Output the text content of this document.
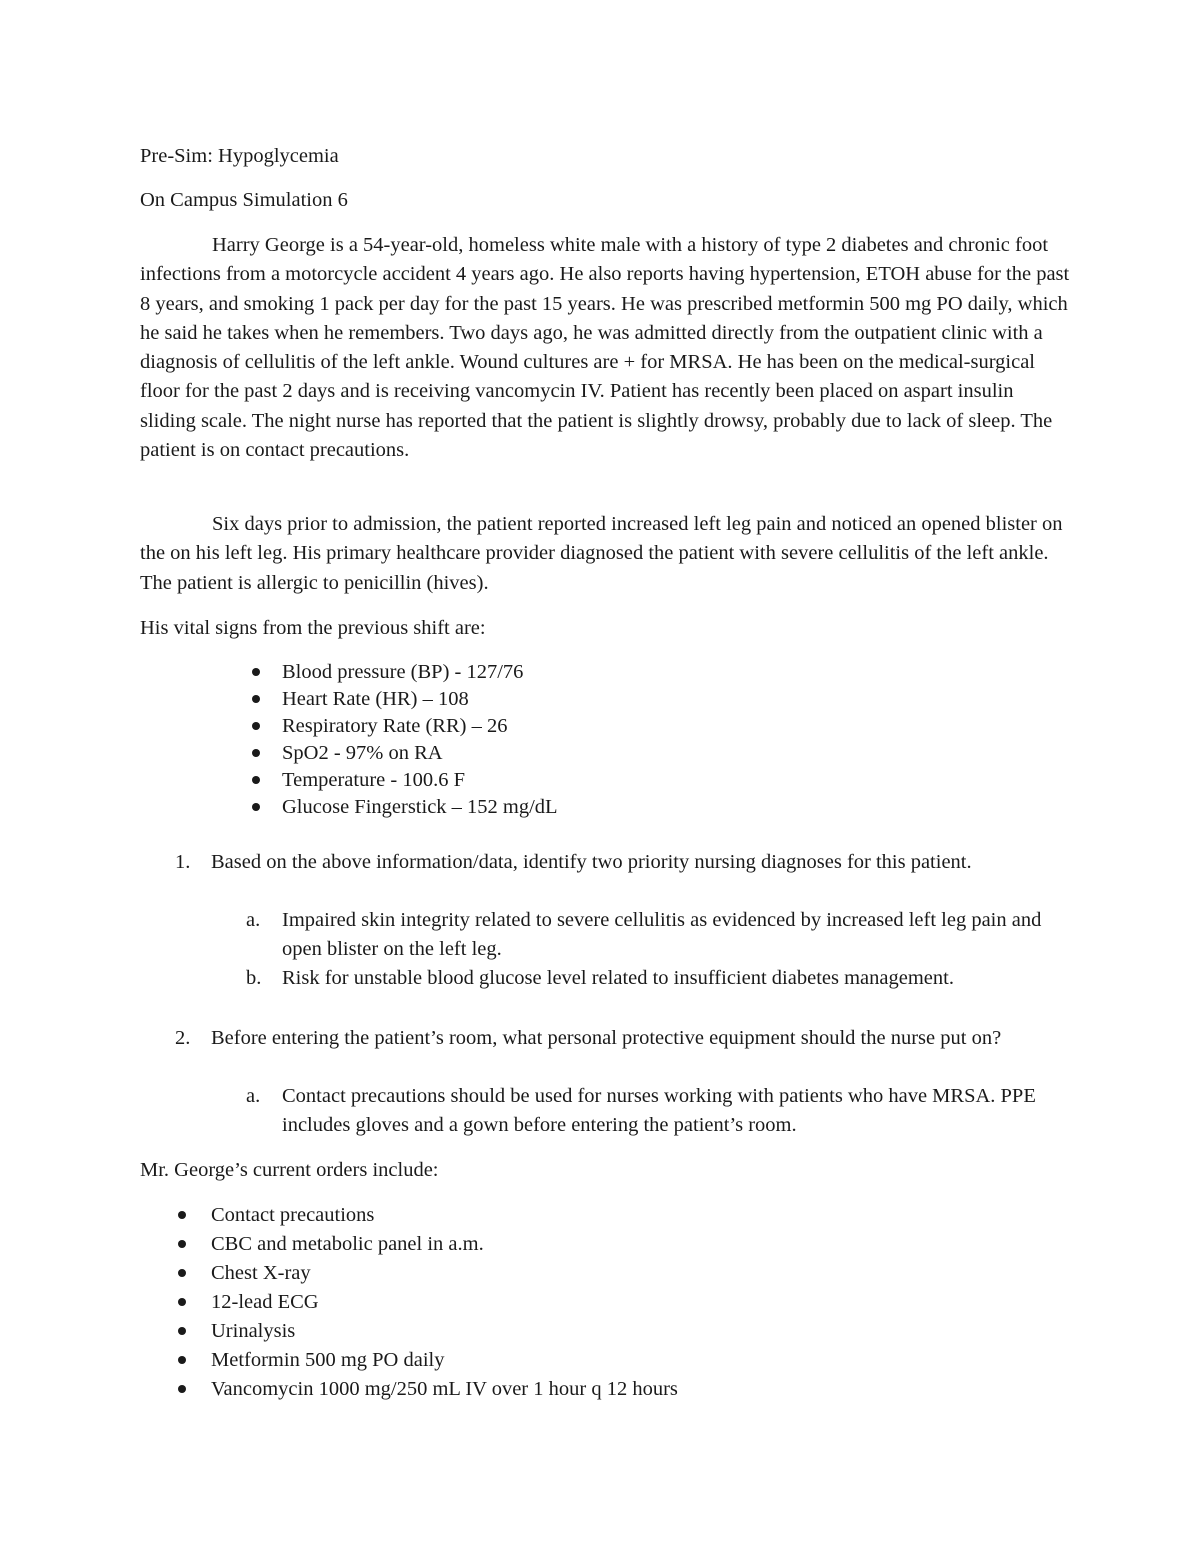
Pre-Sim: Hypoglycemia
On Campus Simulation 6

Harry George is a 54-year-old, homeless white male with a history of type 2 diabetes and chronic foot infections from a motorcycle accident 4 years ago. He also reports having hypertension, ETOH abuse for the past 8 years, and smoking 1 pack per day for the past 15 years. He was prescribed metformin 500 mg PO daily, which he said he takes when he remembers. Two days ago, he was admitted directly from the outpatient clinic with a diagnosis of cellulitis of the left ankle. Wound cultures are + for MRSA. He has been on the medical-surgical floor for the past 2 days and is receiving vancomycin IV. Patient has recently been placed on aspart insulin sliding scale. The night nurse has reported that the patient is slightly drowsy, probably due to lack of sleep. The patient is on contact precautions.

Six days prior to admission, the patient reported increased left leg pain and noticed an opened blister on the on his left leg. His primary healthcare provider diagnosed the patient with severe cellulitis of the left ankle. The patient is allergic to penicillin (hives).

His vital signs from the previous shift are:
Blood pressure (BP) - 127/76
Heart Rate (HR) – 108
Respiratory Rate (RR) – 26
SpO2 - 97% on RA
Temperature - 100.6 F
Glucose Fingerstick – 152 mg/dL
1. Based on the above information/data, identify two priority nursing diagnoses for this patient.

a. Impaired skin integrity related to severe cellulitis as evidenced by increased left leg pain and open blister on the left leg.

b. Risk for unstable blood glucose level related to insufficient diabetes management.

2. Before entering the patient’s room, what personal protective equipment should the nurse put on?

a. Contact precautions should be used for nurses working with patients who have MRSA. PPE includes gloves and a gown before entering the patient’s room.

Mr. George’s current orders include:
Contact precautions
CBC and metabolic panel in a.m.
Chest X-ray
12-lead ECG
Urinalysis
Metformin 500 mg PO daily
Vancomycin 1000 mg/250 mL IV over 1 hour q 12 hours
